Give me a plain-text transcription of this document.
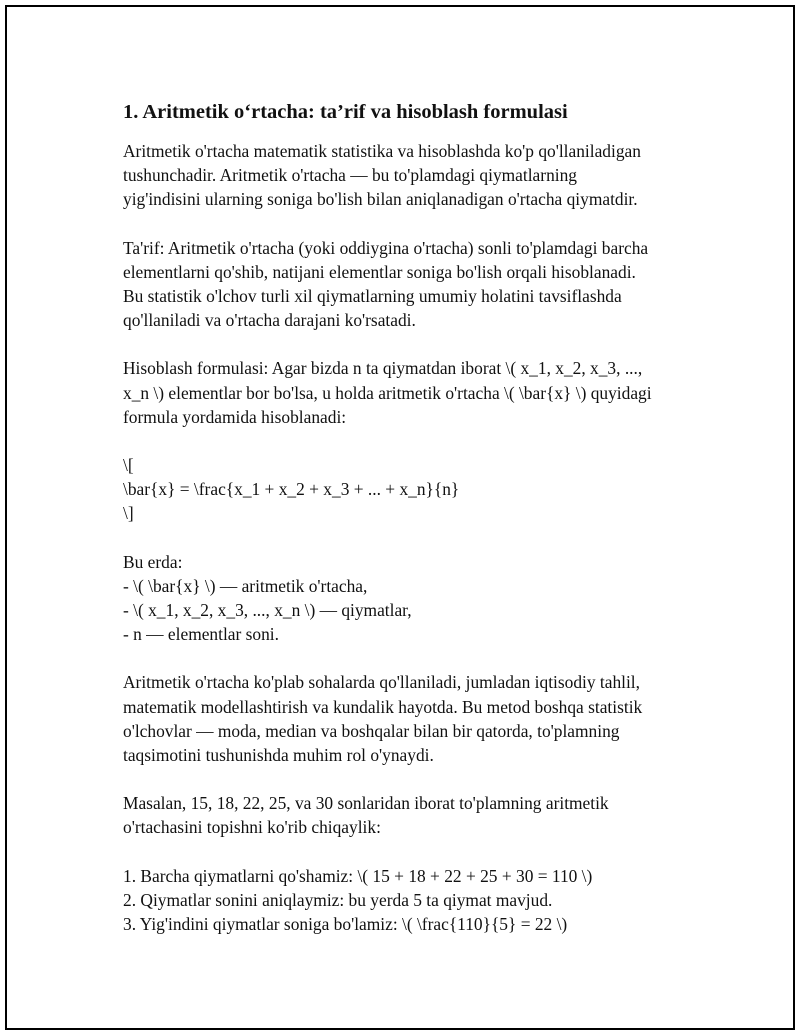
1. Aritmetik o‘rtacha: ta’rif va hisoblash formulasi

Aritmetik o'rtacha matematik statistika va hisoblashda ko'p qo'llaniladigan
tushunchadir. Aritmetik o'rtacha — bu to'plamdagi qiymatlarning
yig'indisini ularning soniga bo'lish bilan aniqlanadigan o'rtacha qiymatdir.

Ta'rif: Aritmetik o'rtacha (yoki oddiygina o'rtacha) sonli to'plamdagi barcha
elementlarni qo'shib, natijani elementlar soniga bo'lish orqali hisoblanadi.
Bu statistik o'lchov turli xil qiymatlarning umumiy holatini tavsiflashda
qo'llaniladi va o'rtacha darajani ko'rsatadi.

Hisoblash formulasi: Agar bizda n ta qiymatdan iborat \( x_1, x_2, x_3, ...,
x_n \) elementlar bor bo'lsa, u holda aritmetik o'rtacha \( \bar{x} \) quyidagi
formula yordamida hisoblanadi:

\[
\bar{x} = \frac{x_1 + x_2 + x_3 + ... + x_n}{n}
\]

Bu erda:
- \( \bar{x} \) — aritmetik o'rtacha,
- \( x_1, x_2, x_3, ..., x_n \) — qiymatlar,
- n — elementlar soni.

Aritmetik o'rtacha ko'plab sohalarda qo'llaniladi, jumladan iqtisodiy tahlil,
matematik modellashtirish va kundalik hayotda. Bu metod boshqa statistik
o'lchovlar — moda, median va boshqalar bilan bir qatorda, to'plamning
taqsimotini tushunishda muhim rol o'ynaydi.

Masalan, 15, 18, 22, 25, va 30 sonlaridan iborat to'plamning aritmetik
o'rtachasini topishni ko'rib chiqaylik:

1. Barcha qiymatlarni qo'shamiz: \( 15 + 18 + 22 + 25 + 30 = 110 \)
2. Qiymatlar sonini aniqlaymiz: bu yerda 5 ta qiymat mavjud.
3. Yig'indini qiymatlar soniga bo'lamiz: \( \frac{110}{5} = 22 \)
